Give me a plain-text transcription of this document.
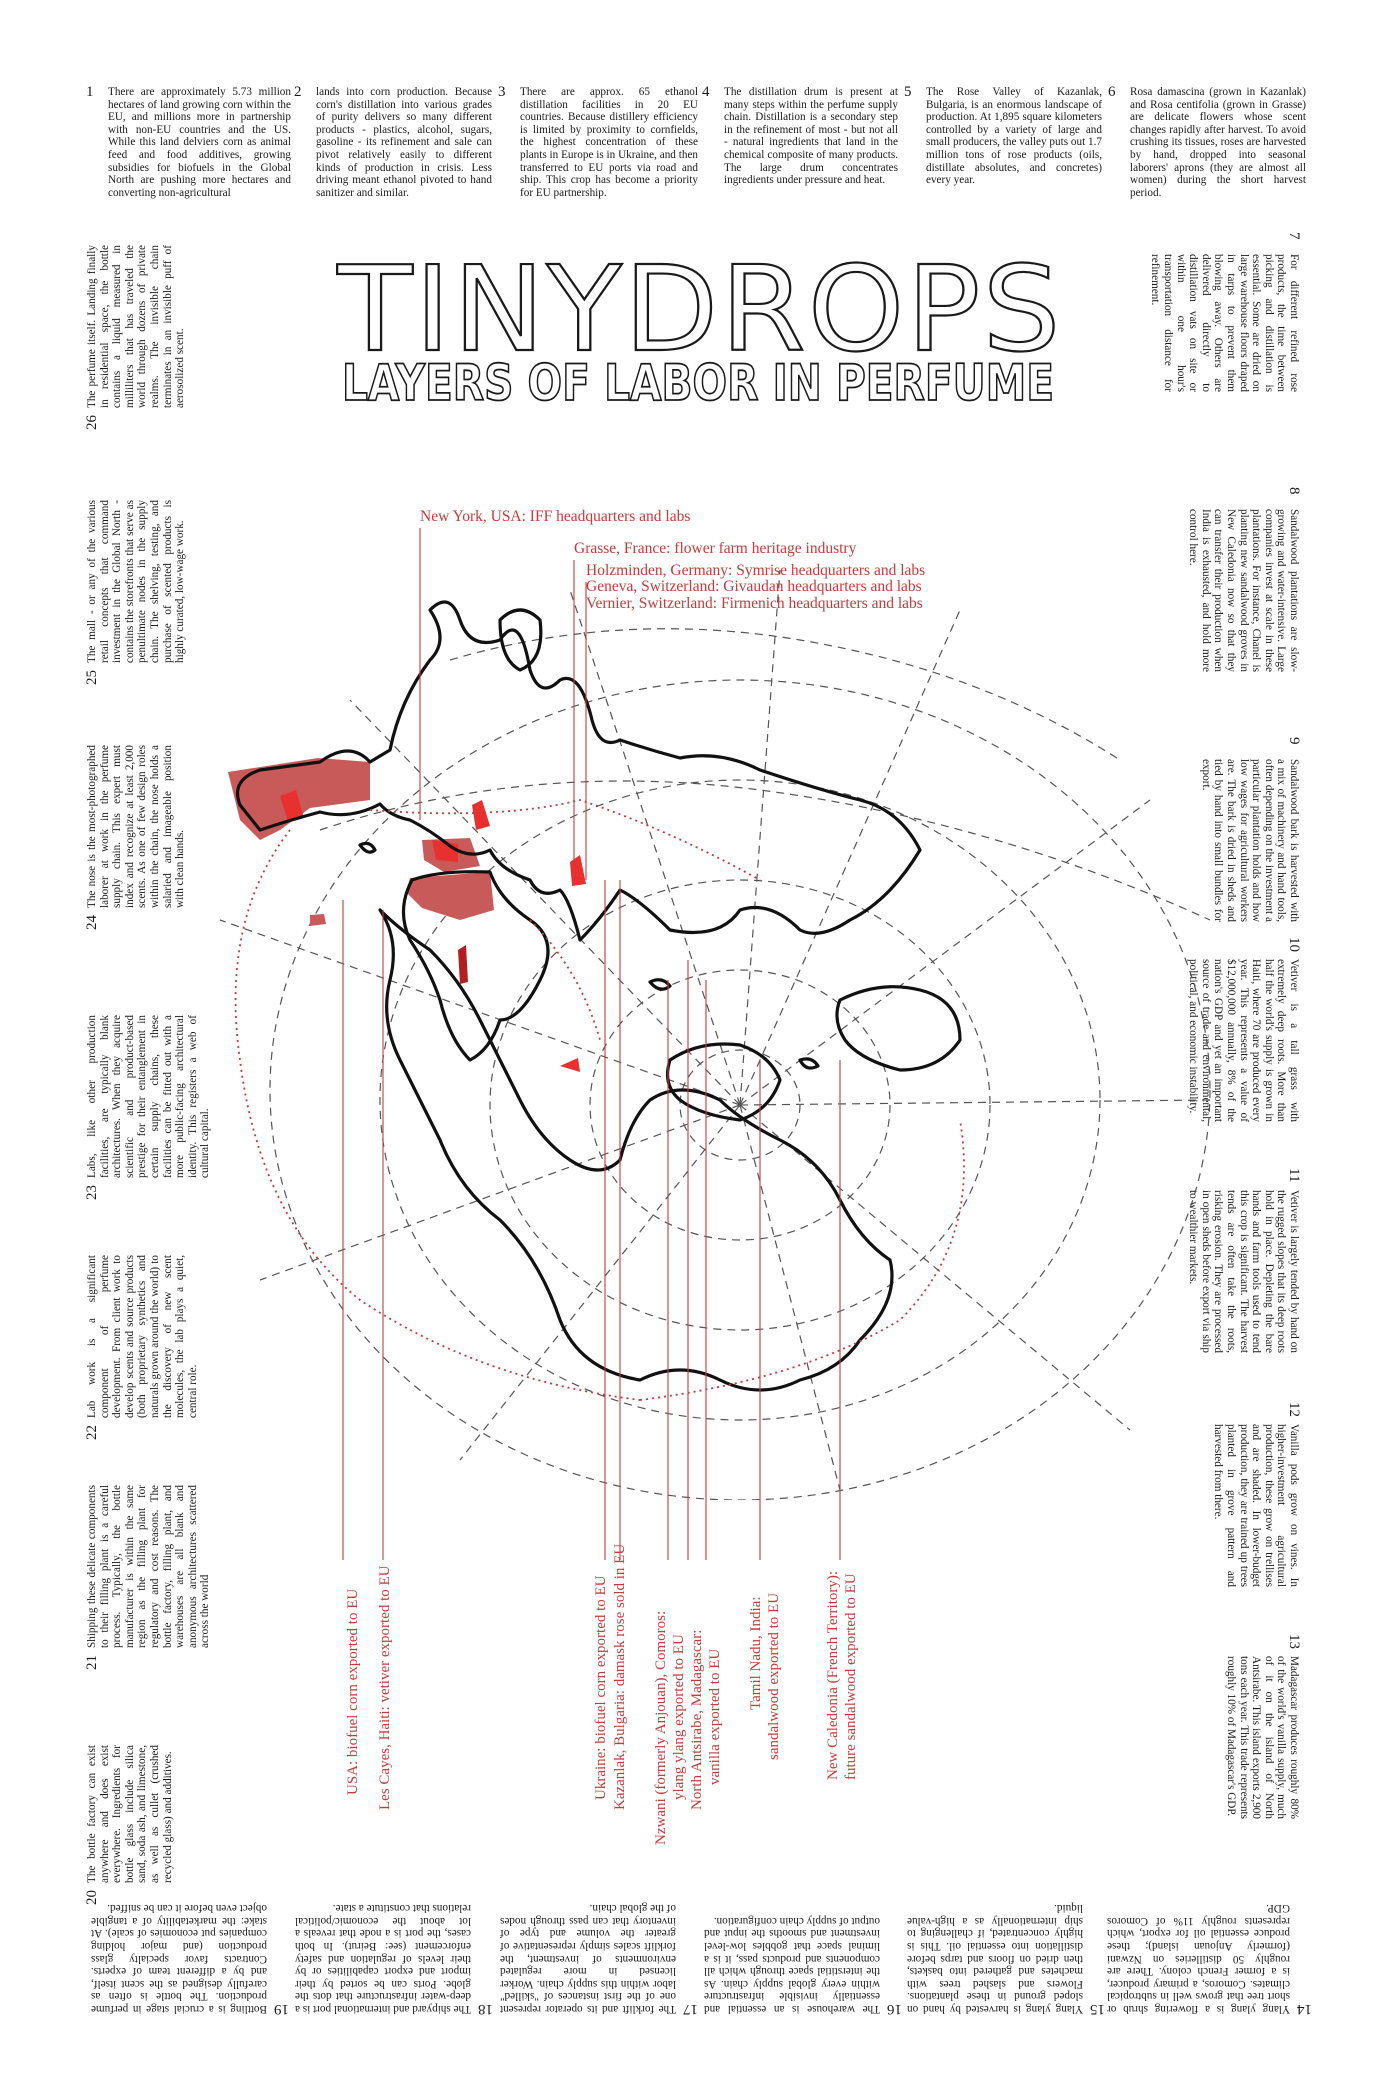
1 There are approximately 5.73 million hectares of land growing corn within the EU, and millions more in partnership with non-EU countries and the US. While this land delviers corn as animal feed and food additives, growing subsidies for biofuels in the Global North are pushing more hectares and converting non-agricultural
2 lands into corn production. Because corn's distillation into various grades of purity delivers so many different products - plastics, alcohol, sugars, gasoline - its refinement and sale can pivot relatively easily to different kinds of production in crisis. Less driving meant ethanol pivoted to hand sanitizer and similar.
3 There are approx. 65 ethanol distillation facilities in 20 EU countries. Because distillery efficiency is limited by proximity to cornfields, the highest concentration of these plants in Europe is in Ukraine, and then transferred to EU ports via road and ship. This crop has become a priority for EU partnership.
4 The distillation drum is present at many steps within the perfume supply chain. Distillation is a secondary step in the refinement of most - but not all - natural ingredients that land in the chemical composite of many products. The large drum concentrates ingredients under pressure and heat.
5 The Rose Valley of Kazanlak, Bulgaria, is an enormous landscape of production. At 1,895 square kilometers controlled by a variety of large and small producers, the valley puts out 1.7 million tons of rose products (oils, distillate absolutes, and concretes) every year.
6 Rosa damascina (grown in Kazanlak) and Rosa centifolia (grown in Grasse) are delicate flowers whose scent changes rapidly after harvest. To avoid crushing its tissues, roses are harvested by hand, dropped into seasonal laborers' aprons (they are almost all women) during the short harvest period.
7
For different refined rose products, the time between picking and distillation is essential. Some are dried on large warehouse floors draped in tarps to prevent them blowing away. Others are delivered directly to distillation vats on site or within one hour's transportation distance for refinement.
8
Sandalwood plantations are slow-growing and water-intensive. Large companies invest at scale in these plantations. For instance, Chanel is planting new sandalwood groves in New Caledonia now so that they can transfer their production when India is exhausted, and hold more control here.
9
Sandalwood bark is harvested with a mix of machinery and hand tools, often depending on the investment a particular plantation holds and how low wages for agricultural workers are. The bark is dried in sheds and tied by hand into small bundles for export.
10
Vetiver is a tall grass with extremely deep roots. More than half the world's supply is grown in Haiti, where 70 are produced every year. This represents a value of $12,000,000 annually, 8% of the nation's GDP and yet an important source of trade and environmental, political, and economic instability.
11
Vetiver is largely tended by hand on the rugged slopes that its deep roots hold in place. Depleting the bare hands and farm tools used to tend this crop is significant. The harvest tends are often take the roots, risking erosion. They are processed in open sheds before export via ship to wealthier markets.
12
Vanilla pods grow on vines. In higher-investment agricultural production, these grow on trellises and are shaded. In lower-budget production, they are trained up trees planted in grove pattern and harvested from there.
13
Madagascar produces roughly 80% of the world's vanilla supply, much of it on the island of North Antsirabe. This island exports 2,900 tons each year. This trade represents roughly 10% of Madagascar's GDP.
14
Ylang ylang is a flowering shrub or short tree that grows well in subtropical climates. Comoros, a primary producer, is a former French colony. There are roughly 50 distilleries on Nzwani (formerly Anjouan island); these produce essential oil for export, which represents roughly 11% of Comoros GDP.
15
Ylang ylang is harvested by hand on sloped ground in these plantations. Flowers and slashed trees with machetes and gathered into baskets, then dried on floors and tarps before distillation into essential oil. This is highly concentrated, if challenging to ship internationally as a high-value liquid.
16
The warehouse is an essential and essentially invisible infrastructure within every global supply chain. As the interstitial space through which all components and products pass, it is a liminal space that gobbles low-level investment and smooths the input and output of supply chain configuration.
17
The forklift and its operator represent one of the first instances of "skilled" labor within this supply chain. Worker licensed in more regulated environments of investment, the forklift scales simply representative of greater the volume and type of inventory that can pass through nodes of the global chain.
18
The shipyard and international port is a deep-water infrastructure that dots the globe. Ports can be sorted by their import and export capabilities or by their levels of regulation and safety enforcement (see: Beirut). In both cases, the port is a node that reveals a lot about the economic/political relations that constitute a state.
19
Bottling is a crucial stage in perfume production. The bottle is often as carefully designed as the scent itself, and by a different team of experts. Contracts favor specialty glass production (and major holding companies put economies of scale). At stake: the marketability of a tangible object even before it can be sniffed.
20
The bottle factory can exist anywhere and does exist everywhere. Ingredients for bottle glass include silica sand, soda ash, and limestone, as well as cullet (crushed recycled glass) and additives.
21
Shipping these delicate components to their filling plant is a careful process. Typically, the bottle manufacturer is within the same region as the filling plant for regulatory and cost reasons. The bottle factory, filling plant, and warehouses are all blank and anonymous architectures scattered across the world
22
Lab work is a significant component of perfume development. From client work to develop scents and source products (both proprietary synthetics and naturals grown around the world) to the discovery of new scent molecules, the lab plays a quiet, central role.
23
Labs, like other production facilities, are typically blank architectures. When they acquire scientific and product-based prestige for their entanglement in certain supply chains, these facilities can be fitted out with a more public-facing architectural identity. This registers a web of cultural capital.
24
The nose is the most-photographed laborer at work in the perfume supply chain. This expert must index and recognize at least 2,000 scents. As one of few design roles within the chain, the nose holds a salaried and imageable position with clean hands.
25
The mall - or any of the various retail concepts that command investment in the Global North - contains the storefronts that serve as penultimate nodes in the supply chain. The shelving, testing, and purchase of scented products is highly curated, low-wage work.
26
The perfume itself. Landing finally in residential space, the bottle contains a liquid measured in milliliters that has traveled the world through dozens of private realms. The invisible chain terminates in an invisible puff of aerosolized scent. TINYDROPS
LAYERS OF LABOR IN PERFUME
New York, USA: IFF headquarters and labs
Grasse, France: flower farm heritage industry
Holzminden, Germany: Symrise headquarters and labs
Geneva, Switzerland: Givaudan headquarters and labs
Vernier, Switzerland: Firmenich headquarters and labs
USA: biofuel corn exported to EU Les Cayes, Haiti: vetiver exported to EU	Ukraine: biofuel corn exported to EU Kazanlak, Bulgaria: damask rose sold in EU Nzwani (formerly Anjouan), Comoros: ylang ylang exported to EU North Antsirabe, Madagascar: vanilla exported to EU Tamil Nadu, India: sandalwood exported to EU	New Caledonia (French Territory): future sandalwood exported to EU
